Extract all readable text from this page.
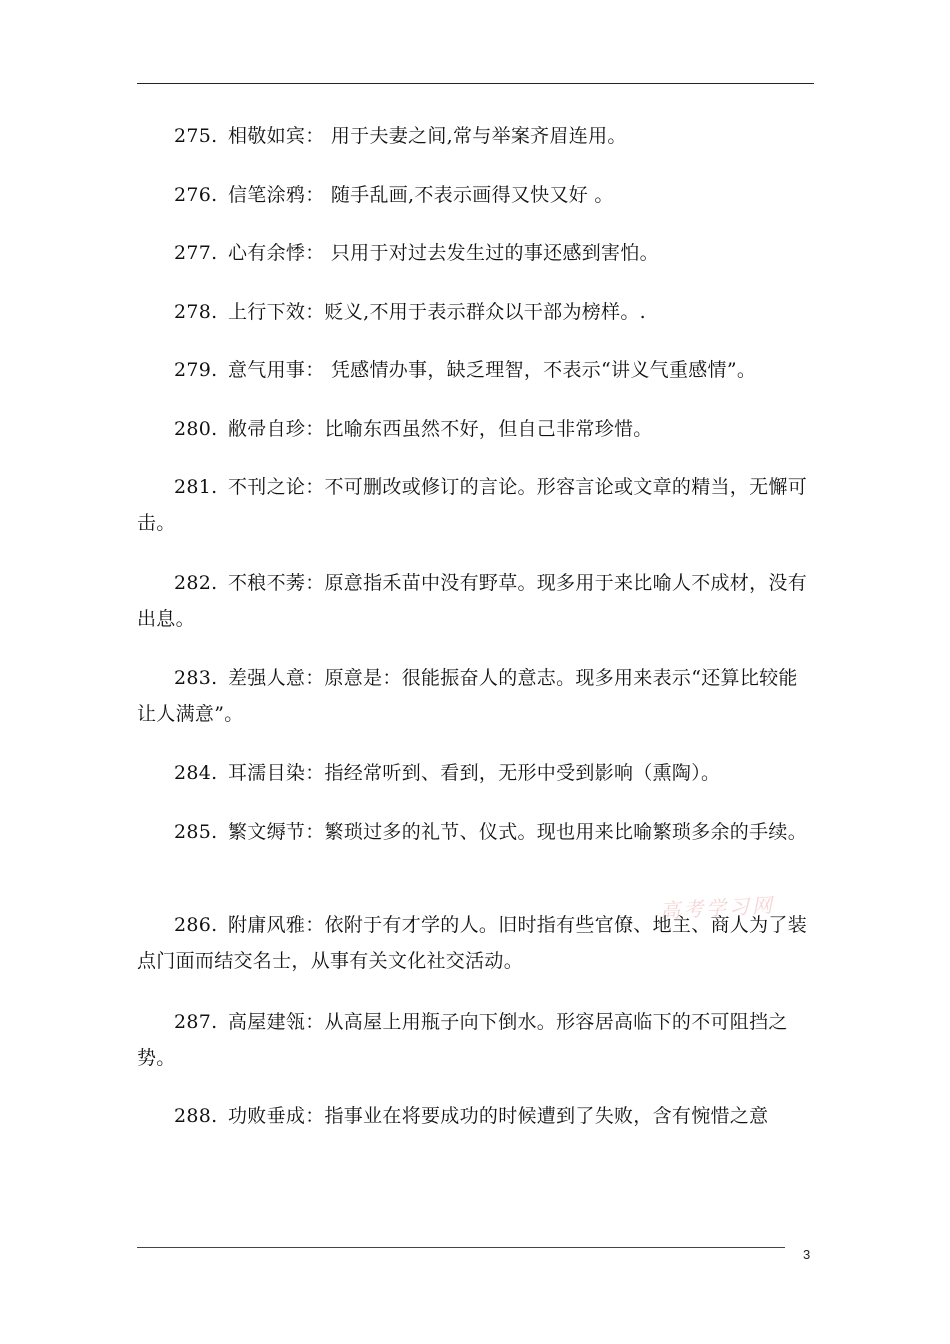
275. 相敬如宾： 用于夫妻之间,常与举案齐眉连用。

276. 信笔涂鸦： 随手乱画,不表示画得又快又好 。

277. 心有余悸： 只用于对过去发生过的事还感到害怕。

278. 上行下效：贬义,不用于表示群众以干部为榜样。.

279. 意气用事： 凭感情办事，缺乏理智，不表示“讲义气重感情”。

280. 敝帚自珍：比喻东西虽然不好，但自己非常珍惜。

281. 不刊之论：不可删改或修订的言论。形容言论或文章的精当，无懈可击。

282. 不稂不莠：原意指禾苗中没有野草。现多用于来比喻人不成材，没有出息。

283. 差强人意：原意是：很能振奋人的意志。现多用来表示“还算比较能让人满意”。

284. 耳濡目染：指经常听到、看到，无形中受到影响（熏陶）。

285. 繁文缛节：繁琐过多的礼节、仪式。现也用来比喻繁琐多余的手续。

高考学习网

286. 附庸风雅：依附于有才学的人。旧时指有些官僚、地主、商人为了装点门面而结交名士，从事有关文化社交活动。

287. 高屋建瓴：从高屋上用瓶子向下倒水。形容居高临下的不可阻挡之势。

288. 功败垂成：指事业在将要成功的时候遭到了失败，含有惋惜之意

3
